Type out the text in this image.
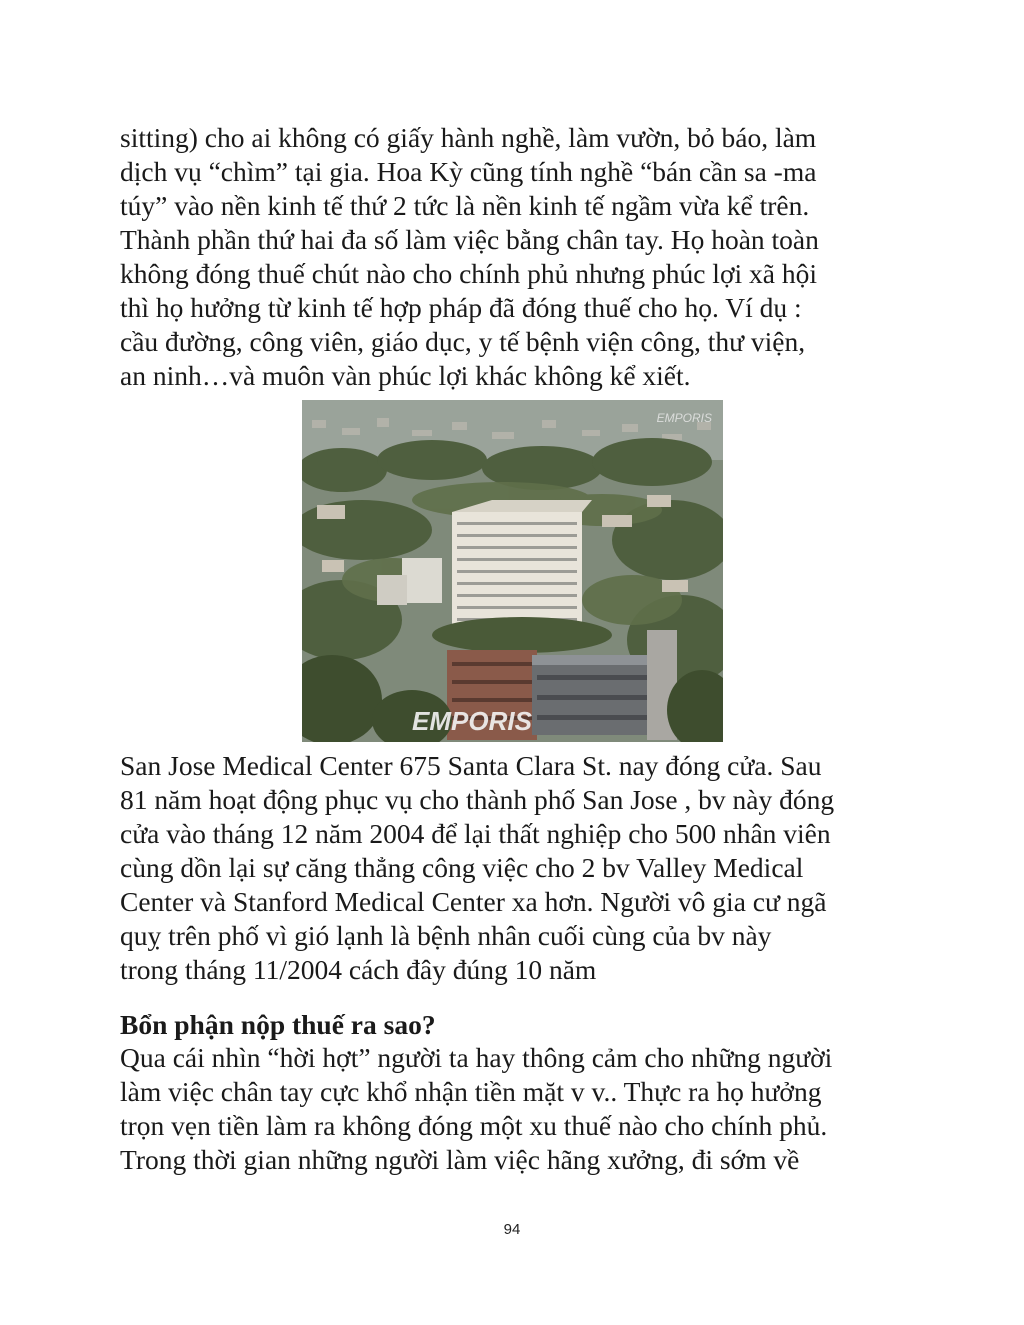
sitting) cho ai không có giấy hành nghề, làm vườn, bỏ báo, làm
dịch vụ “chìm” tại gia. Hoa Kỳ cũng tính nghề “bán cần sa -ma
túy” vào nền kinh tế thứ 2 tức là nền kinh tế ngầm vừa kể trên.
Thành phần thứ hai đa số làm việc bằng chân tay. Họ hoàn toàn
không đóng thuế chút nào cho chính phủ nhưng phúc lợi xã hội
thì họ hưởng từ kinh tế hợp pháp đã đóng thuế cho họ. Ví dụ :
cầu đường, công viên, giáo dục, y tế bệnh viện công, thư viện,
an ninh…và muôn vàn phúc lợi khác không kể xiết.
EMPORIS
EMPORIS
San Jose Medical Center 675 Santa Clara St. nay đóng cửa. Sau
81 năm hoạt động phục vụ cho thành phố San Jose , bv này đóng
cửa vào tháng 12 năm 2004 để lại thất nghiệp cho 500 nhân viên
cùng dồn lại sự căng thẳng công việc cho 2 bv Valley Medical
Center và Stanford Medical Center xa hơn. Người vô gia cư ngã
quỵ trên phố vì gió lạnh là bệnh nhân cuối cùng của bv này
trong tháng 11/2004 cách đây đúng 10 năm
Bổn phận nộp thuế ra sao?
Qua cái nhìn “hời hợt” người ta hay thông cảm cho những người
làm việc chân tay cực khổ nhận tiền mặt v v.. Thực ra họ hưởng
trọn vẹn tiền làm ra không đóng một xu thuế nào cho chính phủ.
Trong thời gian những người làm việc hãng xưởng, đi sớm về
94
